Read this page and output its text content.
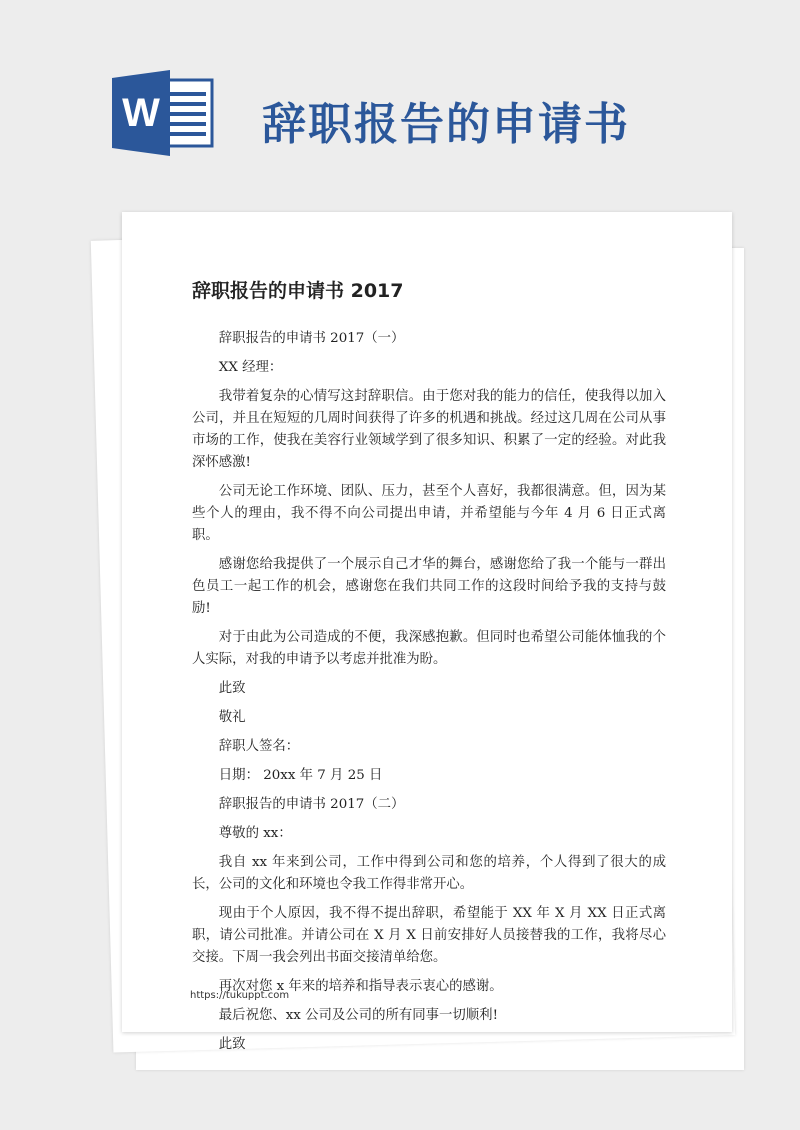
W 辞职报告的申请书
辞职报告的申请书 2017
辞职报告的申请书 2017（一）
XX 经理：
我带着复杂的心情写这封辞职信。由于您对我的能力的信任，使我得以加入公司，并且在短短的几周时间获得了许多的机遇和挑战。经过这几周在公司从事市场的工作，使我在美容行业领域学到了很多知识、积累了一定的经验。对此我深怀感激!
公司无论工作环境、团队、压力，甚至个人喜好，我都很满意。但，因为某些个人的理由，我不得不向公司提出申请，并希望能与今年 4 月 6 日正式离职。
感谢您给我提供了一个展示自己才华的舞台，感谢您给了我一个能与一群出色员工一起工作的机会，感谢您在我们共同工作的这段时间给予我的支持与鼓励!
对于由此为公司造成的不便，我深感抱歉。但同时也希望公司能体恤我的个人实际，对我的申请予以考虑并批准为盼。
此致
敬礼
辞职人签名：
日期： 20xx 年 7 月 25 日
辞职报告的申请书 2017（二）
尊敬的 xx：
我自 xx 年来到公司，工作中得到公司和您的培养，个人得到了很大的成长，公司的文化和环境也令我工作得非常开心。
现由于个人原因，我不得不提出辞职，希望能于 XX 年 X 月 XX 日正式离职，请公司批准。并请公司在 X 月 X 日前安排好人员接替我的工作，我将尽心交接。下周一我会列出书面交接清单给您。
再次对您 x 年来的培养和指导表示衷心的感谢。
最后祝您、xx 公司及公司的所有同事一切顺利!
此致
https://tukuppt.com
